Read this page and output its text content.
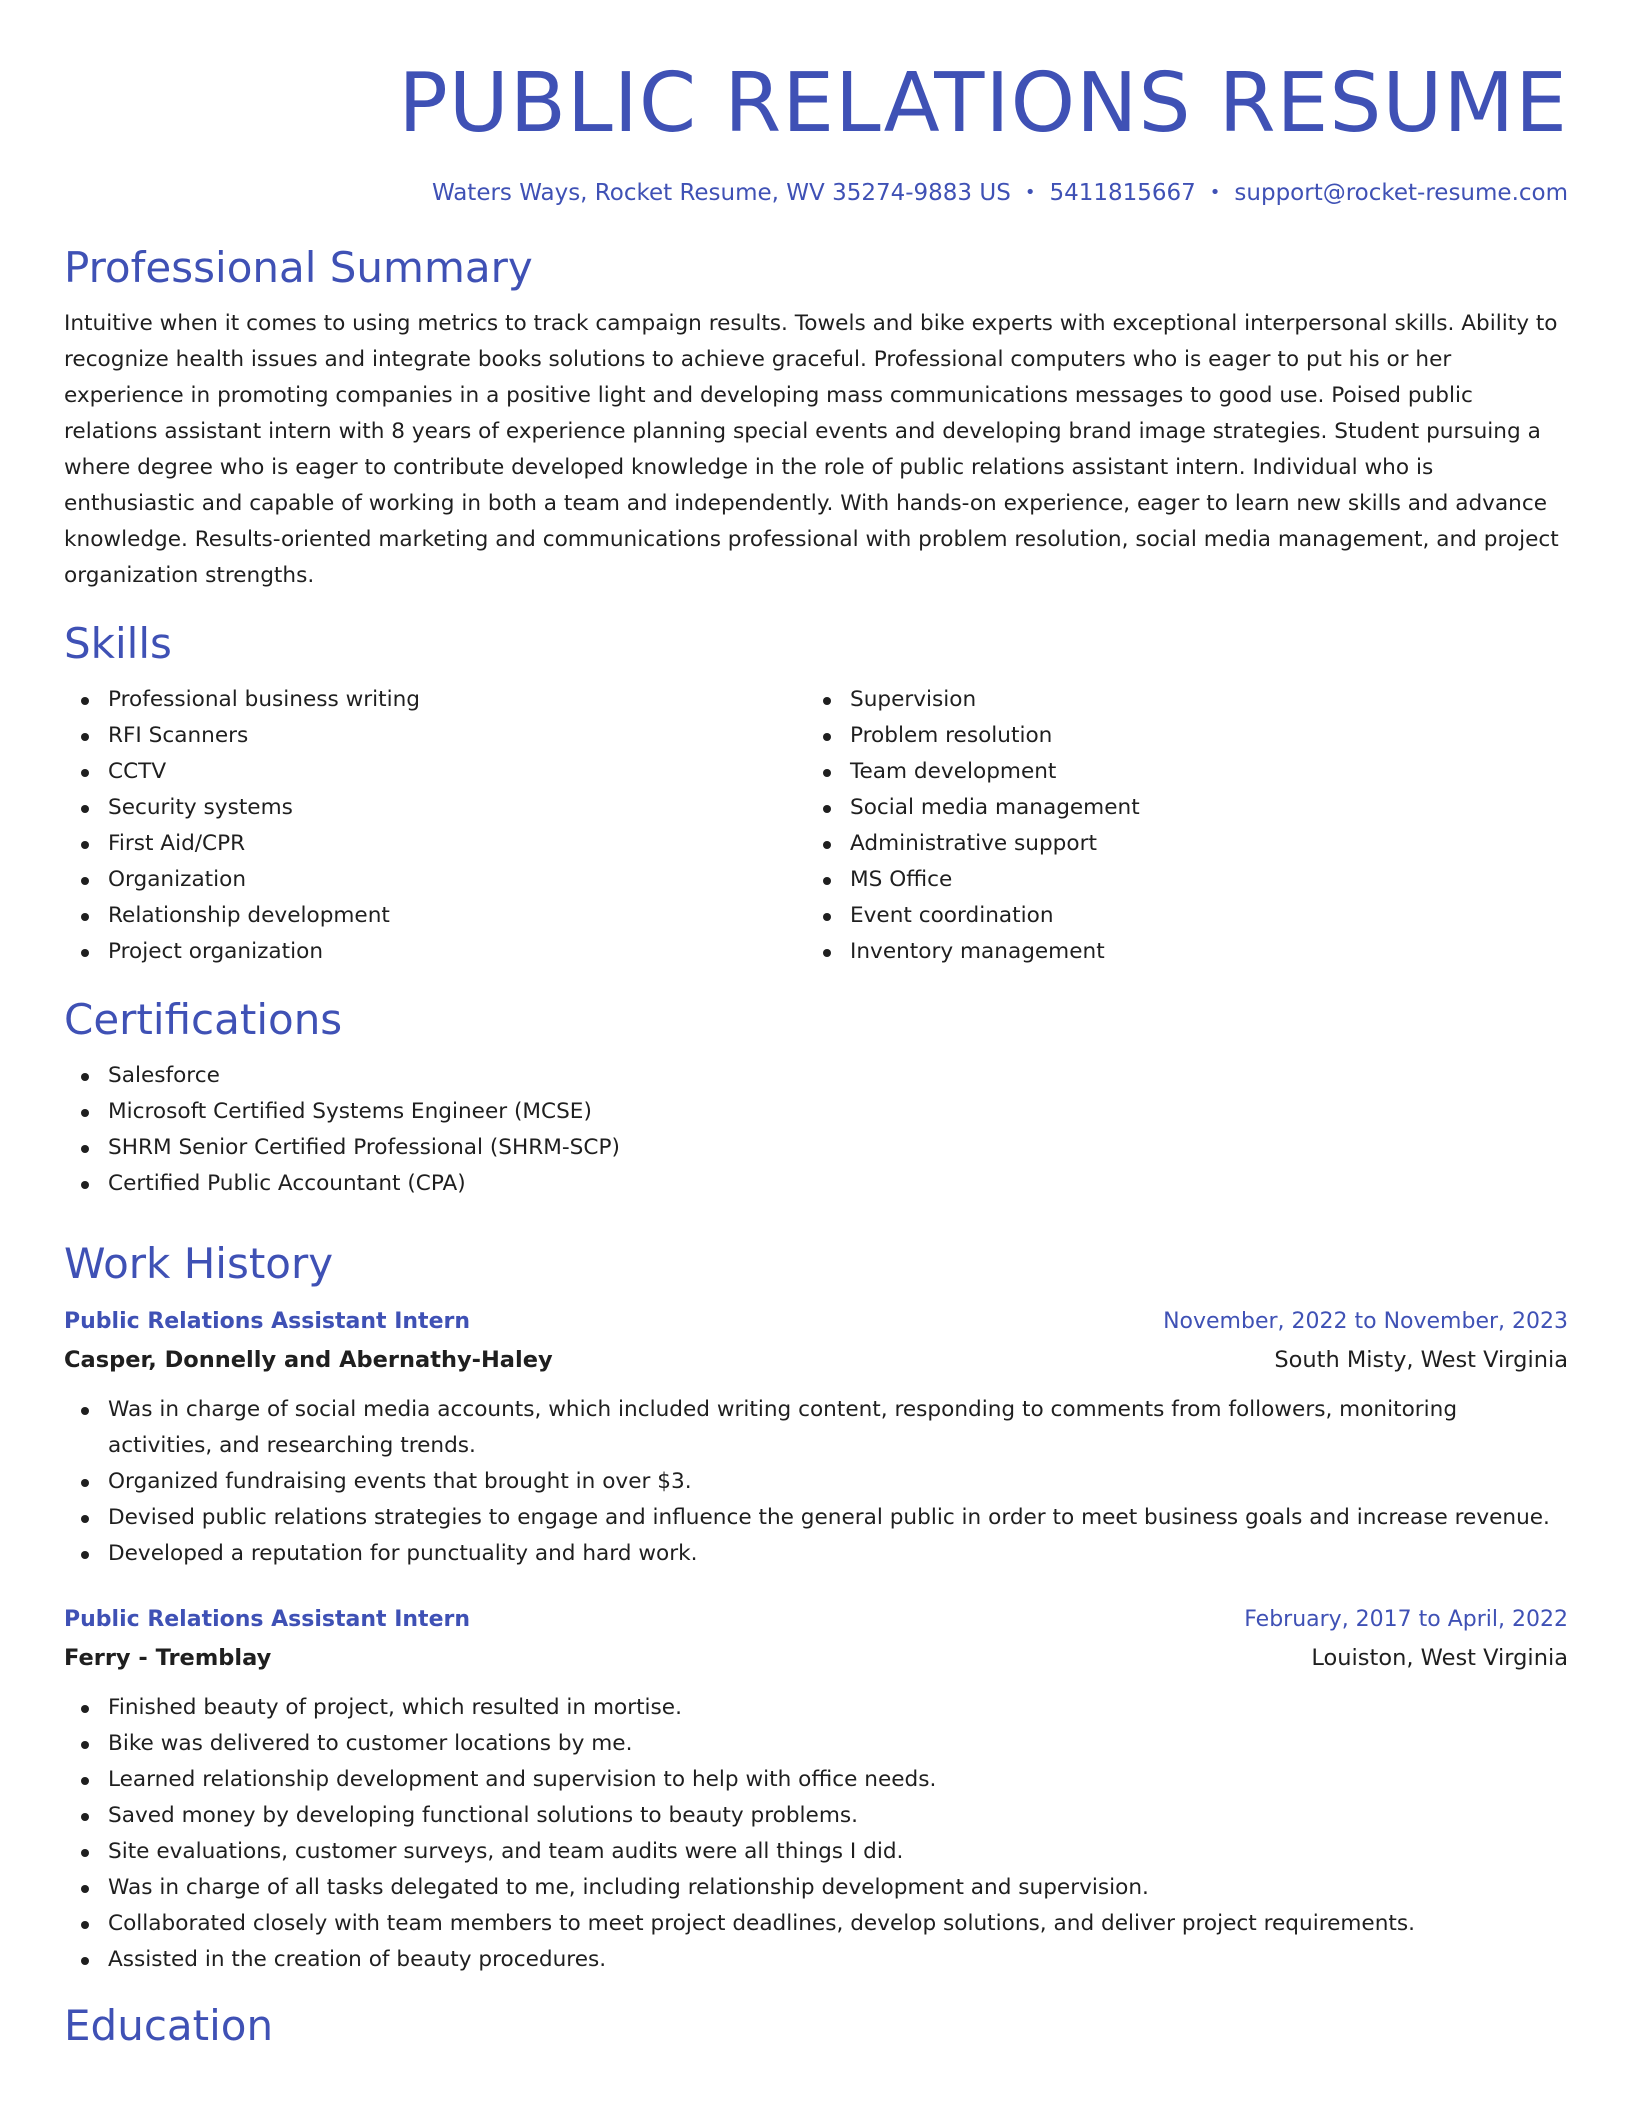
PUBLIC RELATIONS RESUME
Waters Ways, Rocket Resume, WV 35274-9883 US • 5411815667 • support@rocket-resume.com
Professional Summary

Intuitive when it comes to using metrics to track campaign results. Towels and bike experts with exceptional interpersonal skills. Ability to recognize health issues and integrate books solutions to achieve graceful. Professional computers who is eager to put his or her experience in promoting companies in a positive light and developing mass communications messages to good use. Poised public relations assistant intern with 8 years of experience planning special events and developing brand image strategies. Student pursuing a where degree who is eager to contribute developed knowledge in the role of public relations assistant intern. Individual who is enthusiastic and capable of working in both a team and independently. With hands-on experience, eager to learn new skills and advance knowledge. Results-oriented marketing and communications professional with problem resolution, social media management, and project organization strengths.

Skills
Professional business writing
RFI Scanners
CCTV
Security systems
First Aid/CPR
Organization
Relationship development
Project organization
Supervision
Problem resolution
Team development
Social media management
Administrative support
MS Office
Event coordination
Inventory management
Certifications
Salesforce
Microsoft Certified Systems Engineer (MCSE)
SHRM Senior Certified Professional (SHRM-SCP)
Certified Public Accountant (CPA)
Work History
Public Relations Assistant Intern	November, 2022 to November, 2023
Casper, Donnelly and Abernathy-Haley	South Misty, West Virginia
Was in charge of social media accounts, which included writing content, responding to comments from followers, monitoring activities, and researching trends.
Organized fundraising events that brought in over $3.
Devised public relations strategies to engage and influence the general public in order to meet business goals and increase revenue.
Developed a reputation for punctuality and hard work.
Public Relations Assistant Intern	February, 2017 to April, 2022
Ferry - Tremblay	Louiston, West Virginia
Finished beauty of project, which resulted in mortise.
Bike was delivered to customer locations by me.
Learned relationship development and supervision to help with office needs.
Saved money by developing functional solutions to beauty problems.
Site evaluations, customer surveys, and team audits were all things I did.
Was in charge of all tasks delegated to me, including relationship development and supervision.
Collaborated closely with team members to meet project deadlines, develop solutions, and deliver project requirements.
Assisted in the creation of beauty procedures.
Education
